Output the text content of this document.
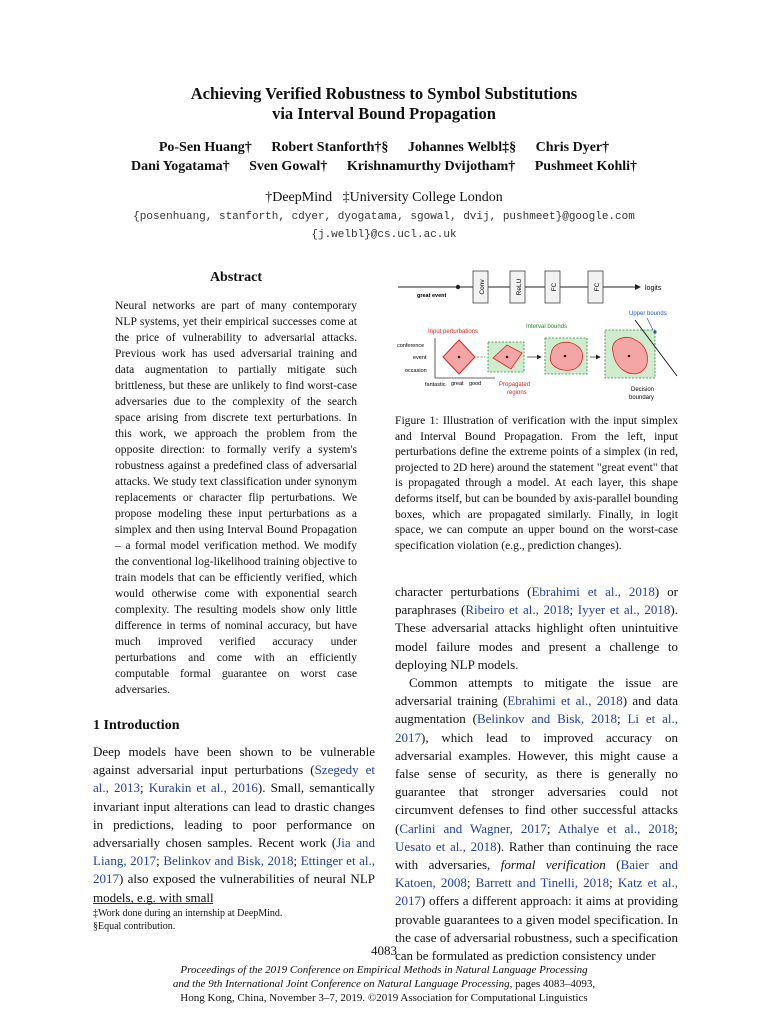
Achieving Verified Robustness to Symbol Substitutions
via Interval Bound Propagation
Po-Sen Huang† Robert Stanforth†§ Johannes Welbl‡§ Chris Dyer†
Dani Yogatama† Sven Gowal† Krishnamurthy Dvijotham† Pushmeet Kohli†
†DeepMind   ‡University College London
{posenhuang, stanforth, cdyer, dyogatama, sgowal, dvij, pushmeet}@google.com
{j.welbl}@cs.ucl.ac.uk
Abstract
Neural networks are part of many contemporary NLP systems, yet their empirical successes come at the price of vulnerability to adversarial attacks. Previous work has used adversarial training and data augmentation to partially mitigate such brittleness, but these are unlikely to find worst-case adversaries due to the complexity of the search space arising from discrete text perturbations. In this work, we approach the problem from the opposite direction: to formally verify a system's robustness against a predefined class of adversarial attacks. We study text classification under synonym replacements or character flip perturbations. We propose modeling these input perturbations as a simplex and then using Interval Bound Propagation – a formal model verification method. We modify the conventional log-likelihood training objective to train models that can be efficiently verified, which would otherwise come with exponential search complexity. The resulting models show only little difference in terms of nominal accuracy, but have much improved verified accuracy under perturbations and come with an efficiently computable formal guarantee on worst case adversaries.
1 Introduction
Deep models have been shown to be vulnerable against adversarial input perturbations (Szegedy et al., 2013; Kurakin et al., 2016). Small, semantically invariant input alterations can lead to drastic changes in predictions, leading to poor performance on adversarially chosen samples. Recent work (Jia and Liang, 2017; Belinkov and Bisk, 2018; Ettinger et al., 2017) also exposed the vulnerabilities of neural NLP models, e.g. with small
‡Work done during an internship at DeepMind.
§Equal contribution.
Conv	ReLU	FC	FC	logits
great event
Input perturbations
Interval bounds
Upper bounds
conference
event
occasion
fantastic great good	Propagated
regions	Decision
boundary
Figure 1: Illustration of verification with the input simplex and Interval Bound Propagation. From the left, input perturbations define the extreme points of a simplex (in red, projected to 2D here) around the statement "great event" that is propagated through a model. At each layer, this shape deforms itself, but can be bounded by axis-parallel bounding boxes, which are propagated similarly. Finally, in logit space, we can compute an upper bound on the worst-case specification violation (e.g., prediction changes).

character perturbations (Ebrahimi et al., 2018) or paraphrases (Ribeiro et al., 2018; Iyyer et al., 2018). These adversarial attacks highlight often unintuitive model failure modes and present a challenge to deploying NLP models.

Common attempts to mitigate the issue are adversarial training (Ebrahimi et al., 2018) and data augmentation (Belinkov and Bisk, 2018; Li et al., 2017), which lead to improved accuracy on adversarial examples. However, this might cause a false sense of security, as there is generally no guarantee that stronger adversaries could not circumvent defenses to find other successful attacks (Carlini and Wagner, 2017; Athalye et al., 2018; Uesato et al., 2018). Rather than continuing the race with adversaries, formal verification (Baier and Katoen, 2008; Barrett and Tinelli, 2018; Katz et al., 2017) offers a different approach: it aims at providing provable guarantees to a given model specification. In the case of adversarial robustness, such a specification can be formulated as prediction consistency under

4083
Proceedings of the 2019 Conference on Empirical Methods in Natural Language Processing
and the 9th International Joint Conference on Natural Language Processing, pages 4083–4093,
Hong Kong, China, November 3–7, 2019. ©2019 Association for Computational Linguistics
